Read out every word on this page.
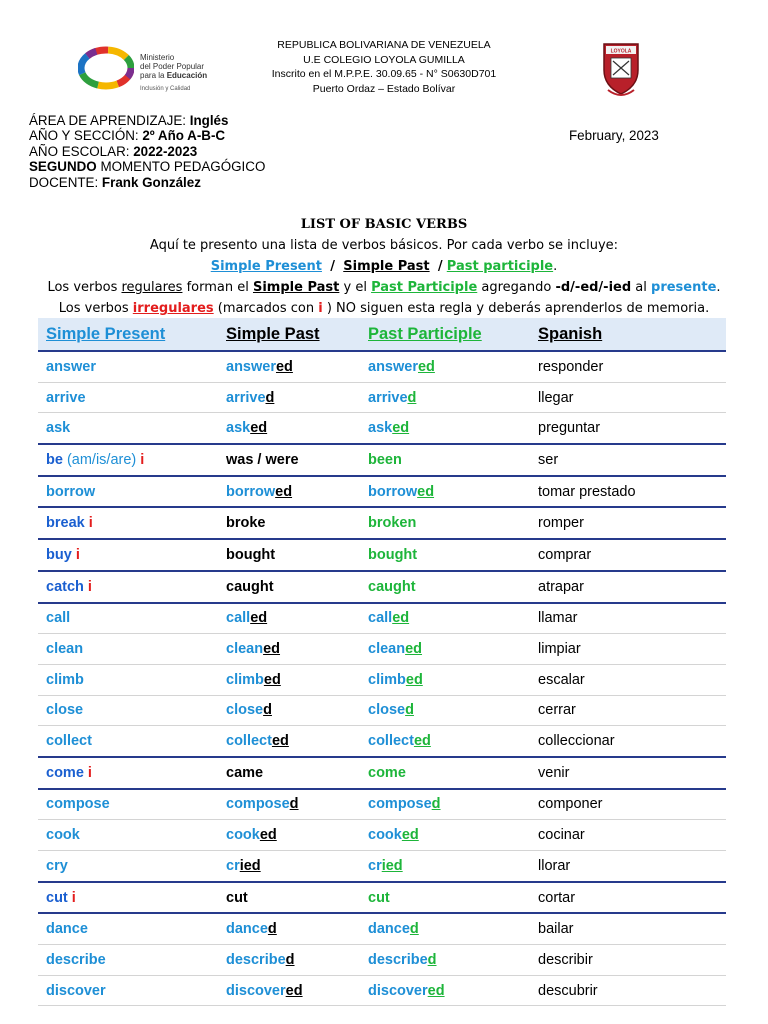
Ministerio
del Poder Popular
para la Educación
Inclusión y Calidad
REPUBLICA BOLIVARIANA DE VENEZUELA
U.E COLEGIO LOYOLA GUMILLA
Inscrito en el M.P.P.E. 30.09.65 - N° S0630D701
Puerto Ordaz – Estado Bolívar
LOYOLA
ÁREA DE APRENDIZAJE: Inglés
AÑO Y SECCIÓN: 2º Año A-B-C
AÑO ESCOLAR: 2022-2023
SEGUNDO MOMENTO PEDAGÓGICO
DOCENTE: Frank González
February, 2023
LIST OF BASIC VERBS
Aquí te presento una lista de verbos básicos. Por cada verbo se incluye:
Simple Present / Simple Past / Past participle.
Los verbos regulares forman el Simple Past y el Past Participle agregando -d/-ed/-ied al presente.
Los verbos irregulares (marcados con i ) NO siguen esta regla y deberás aprenderlos de memoria.
Simple Present	Simple Past	Past Participle	Spanish
answer	answered	answered	responder
arrive	arrived	arrived	llegar
ask	asked	asked	preguntar
be (am/is/are) i	was / were	been	ser
borrow	borrowed	borrowed	tomar prestado
break i	broke	broken	romper
buy i	bought	bought	comprar
catch i	caught	caught	atrapar
call	called	called	llamar
clean	cleaned	cleaned	limpiar
climb	climbed	climbed	escalar
close	closed	closed	cerrar
collect	collected	collected	colleccionar
come i	came	come	venir
compose	composed	composed	componer
cook	cooked	cooked	cocinar
cry	cried	cried	llorar
cut i	cut	cut	cortar
dance	danced	danced	bailar
describe	described	described	describir
discover	discovered	discovered	descubrir
